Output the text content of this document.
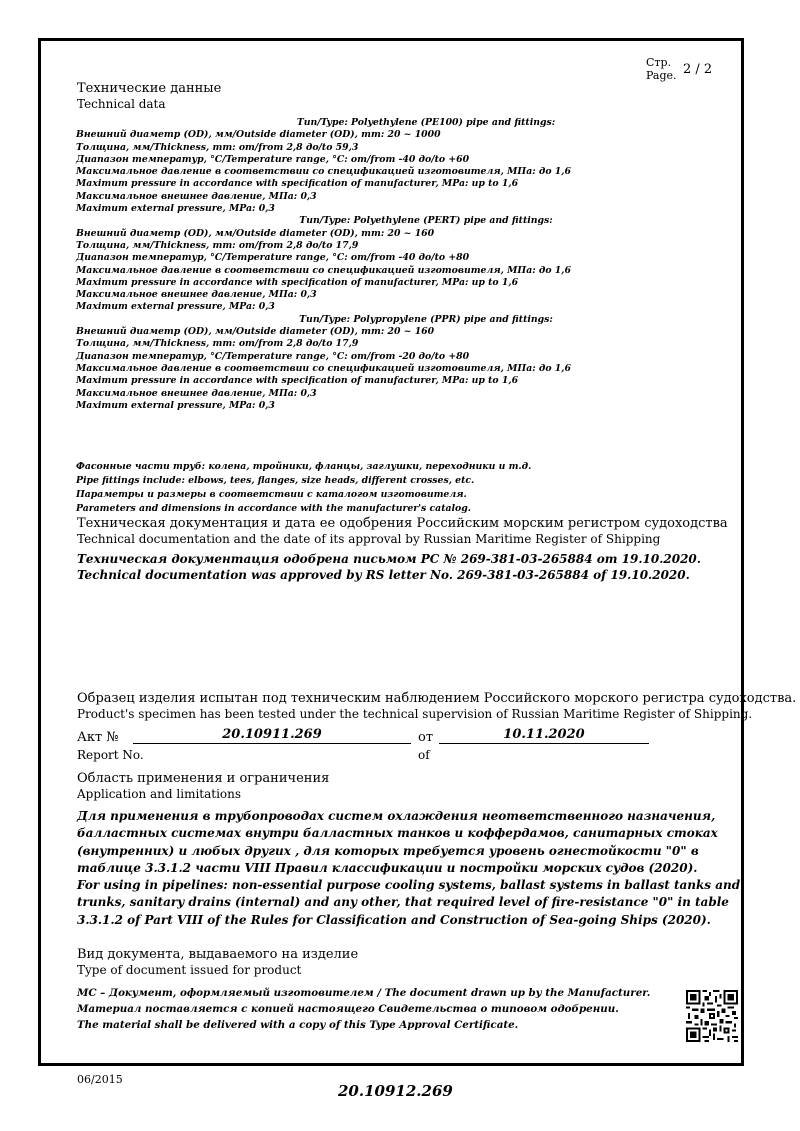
Стр.
Page. 2 / 2
Технические данные
Technical data
Тип/Type: Polyethylene (PE100) pipe and fittings:
Внешний диаметр (OD), мм/Outside diameter (OD), mm: 20 ~ 1000
Толщина, мм/Thickness, mm: от/from 2,8 до/to 59,3
Диапазон температур, °С/Temperature range, °С: от/from -40 до/to +60
Максимальное давление в соответствии со спецификацией изготовителя, МПа: до 1,6
Maximum pressure in accordance with specification of manufacturer, MPa: up to 1,6
Максимальное внешнее давление, МПа: 0,3
Maximum external pressure, MPa: 0,3
Тип/Type: Polyethylene (PERT) pipe and fittings:
Внешний диаметр (OD), мм/Outside diameter (OD), mm: 20 ~ 160
Толщина, мм/Thickness, mm: от/from 2,8 до/to 17,9
Диапазон температур, °С/Temperature range, °С: от/from -40 до/to +80
Максимальное давление в соответствии со спецификацией изготовителя, МПа: до 1,6
Maximum pressure in accordance with specification of manufacturer, MPa: up to 1,6
Максимальное внешнее давление, МПа: 0,3
Maximum external pressure, MPa: 0,3
Тип/Type: Polypropylene (PPR) pipe and fittings:
Внешний диаметр (OD), мм/Outside diameter (OD), mm: 20 ~ 160
Толщина, мм/Thickness, mm: от/from 2,8 до/to 17,9
Диапазон температур, °С/Temperature range, °С: от/from -20 до/to +80
Максимальное давление в соответствии со спецификацией изготовителя, МПа: до 1,6
Maximum pressure in accordance with specification of manufacturer, MPa: up to 1,6
Максимальное внешнее давление, МПа: 0,3
Maximum external pressure, MPa: 0,3
Фасонные части труб: колена, тройники, фланцы, заглушки, переходники и т.д.
Pipe fittings include: elbows, tees, flanges, size heads, different crosses, etc.
Параметры и размеры в соответствии с каталогом изготовителя.
Parameters and dimensions in accordance with the manufacturer's catalog.
Техническая документация и дата ее одобрения Российским морским регистром судоходства
Technical documentation and the date of its approval by Russian Maritime Register of Shipping
Техническая документация одобрена письмом РС № 269-381-03-265884 от 19.10.2020.
Technical documentation was approved by RS letter No. 269-381-03-265884 of 19.10.2020.
Образец изделия испытан под техническим наблюдением Российского морского регистра судоходства.
Product's specimen has been tested under the technical supervision of Russian Maritime Register of Shipping.
Акт №
Report No.
20.10911.269	от
of
10.11.2020
Область применения и ограничения
Application and limitations
Для применения в трубопроводах систем охлаждения неответственного назначения, балластных системах внутри балластных танков и коффердамов, санитарных стоках (внутренних) и любых других , для которых требуется уровень огнестойкости "0" в таблице 3.3.1.2 части VIII Правил классификации и постройки морских судов (2020).
For using in pipelines: non-essential purpose cooling systems, ballast systems in ballast tanks and trunks, sanitary drains (internal) and any other, that required level of fire-resistance "0" in table 3.3.1.2 of Part VIII of the Rules for Classification and Construction of Sea-going Ships (2020).
Вид документа, выдаваемого на изделие
Type of document issued for product
МС – Документ, оформляемый изготовителем / The document drawn up by the Manufacturer.
Материал поставляется с копией настоящего Свидетельства о типовом одобрении.
The material shall be delivered with a copy of this Type Approval Certificate.
06/2015
20.10912.269
